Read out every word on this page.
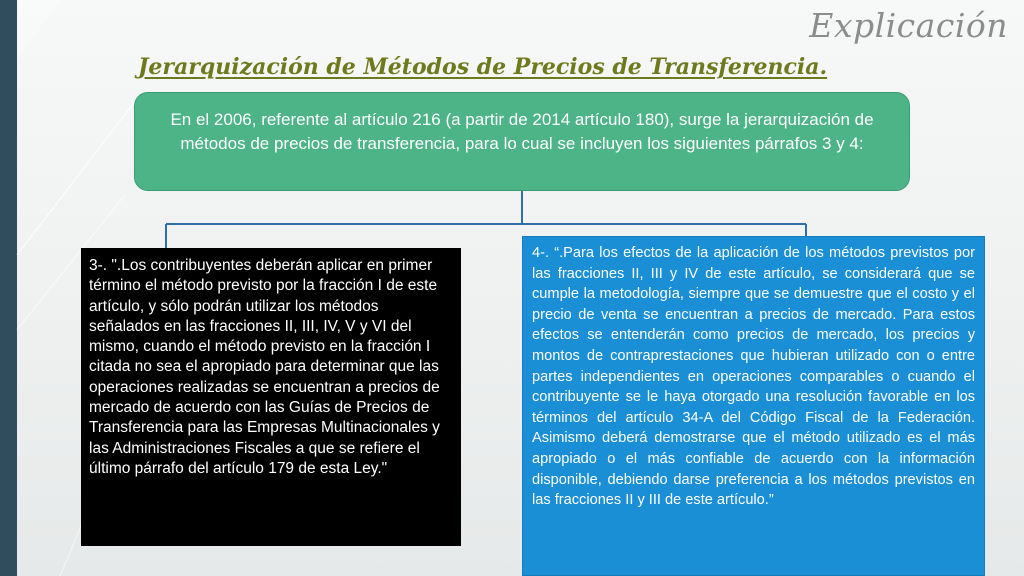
Explicación
Jerarquización de Métodos de Precios de Transferencia.
En el 2006, referente al artículo 216 (a partir de 2014 artículo 180), surge la jerarquización de métodos de precios de transferencia, para lo cual se incluyen los siguientes párrafos 3 y 4:
3-. ".Los contribuyentes deberán aplicar en primer término el método previsto por la fracción I de este artículo, y sólo podrán utilizar los métodos señalados en las fracciones II, III, IV, V y VI del mismo, cuando el método previsto en la fracción I citada no sea el apropiado para determinar que las operaciones realizadas se encuentran a precios de mercado de acuerdo con las Guías de Precios de Transferencia para las Empresas Multinacionales y las Administraciones Fiscales a que se refiere el último párrafo del artículo 179 de esta Ley."
4-. “.Para los efectos de la aplicación de los métodos previstos por las fracciones II, III y IV de este artículo, se considerará que se cumple la metodología, siempre que se demuestre que el costo y el precio de venta se encuentran a precios de mercado. Para estos efectos se entenderán como precios de mercado, los precios y montos de contraprestaciones que hubieran utilizado con o entre partes independientes en operaciones comparables o cuando el contribuyente se le haya otorgado una resolución favorable en los términos del artículo 34-A del Código Fiscal de la Federación. Asimismo deberá demostrarse que el método utilizado es el más apropiado o el más confiable de acuerdo con la información disponible, debiendo darse preferencia a los métodos previstos en las fracciones II y III de este artículo.”
